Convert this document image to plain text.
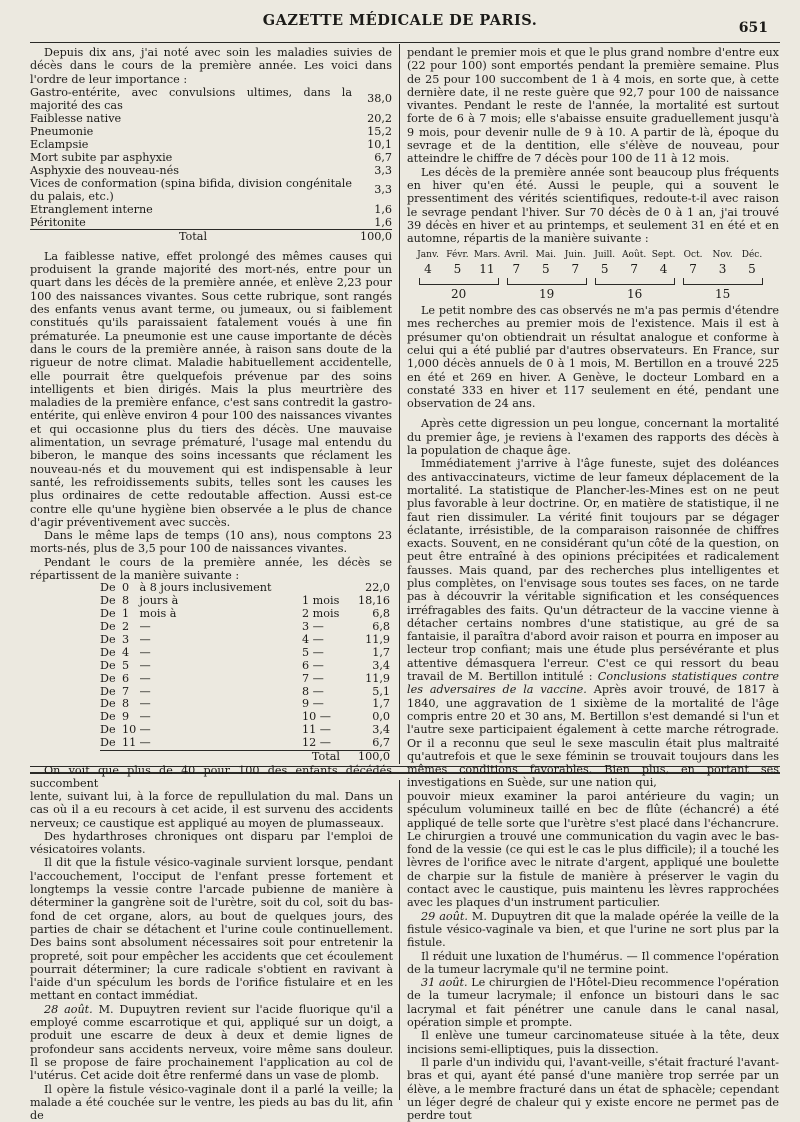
GAZETTE MÉDICALE DE PARIS.	651

Depuis dix ans, j'ai noté avec soin les maladies suivies de décès dans le cours de la première année. Les voici dans l'ordre de leur importance :

Gastro-entérite, avec convulsions ultimes, dans la majorité des cas	38,0
Faiblesse native	20,2
Pneumonie	15,2
Eclampsie	10,1
Mort subite par asphyxie	6,7
Asphyxie des nouveau-nés	3,3
Vices de conformation (spina bifida, division congénitale du palais, etc.)	3,3
Etranglement interne	1,6
Péritonite	1,6
Total	100,0

La faiblesse native, effet prolongé des mêmes causes qui produisent la grande majorité des mort-nés, entre pour un quart dans les décès de la première année, et enlève 2,23 pour 100 des naissances vivantes. Sous cette rubrique, sont rangés des enfants venus avant terme, ou jumeaux, ou si faiblement constitués qu'ils paraissaient fatalement voués à une fin prématurée. La pneumonie est une cause importante de décès dans le cours de la première année, à raison sans doute de la rigueur de notre climat. Maladie habituellement accidentelle, elle pourrait être quelquefois prévenue par des soins intelligents et bien dirigés. Mais la plus meurtrière des maladies de la première enfance, c'est sans contredit la gastro-entérite, qui enlève environ 4 pour 100 des naissances vivantes et qui occasionne plus du tiers des décès. Une mauvaise alimentation, un sevrage prématuré, l'usage mal entendu du biberon, le manque des soins incessants que réclament les nouveau-nés et du mouvement qui est indispensable à leur santé, les refroidissements subits, telles sont les causes les plus ordinaires de cette redoutable affection. Aussi est-ce contre elle qu'une hygiène bien observée a le plus de chance d'agir préventivement avec succès.

Dans le même laps de temps (10 ans), nous comptons 23 morts-nés, plus de 3,5 pour 100 de naissances vivantes.

Pendant le cours de la première année, les décès se répartissent de la manière suivante :

De	0	à 8 jours inclusivement		22,0
De	8	jours à	1 mois	18,16
De	1	mois à	2 mois	6,8
De	2	—	3 —	6,8
De	3	—	4 —	11,9
De	4	—	5 —	1,7
De	5	—	6 —	3,4
De	6	—	7 —	11,9
De	7	—	8 —	5,1
De	8	—	9 —	1,7
De	9	—	10 —	0,0
De	10	—	11 —	3,4
De	11	—	12 —	6,7
Total				100,0

On voit que plus de 40 pour 100 des enfants décédés succombent

pendant le premier mois et que le plus grand nombre d'entre eux (22 pour 100) sont emportés pendant la première semaine. Plus de 25 pour 100 succombent de 1 à 4 mois, en sorte que, à cette dernière date, il ne reste guère que 92,7 pour 100 de naissance vivantes. Pendant le reste de l'année, la mortalité est surtout forte de 6 à 7 mois; elle s'abaisse ensuite graduellement jusqu'à 9 mois, pour devenir nulle de 9 à 10. A partir de là, époque du sevrage et de la dentition, elle s'élève de nouveau, pour atteindre le chiffre de 7 décès pour 100 de 11 à 12 mois.

Les décès de la première année sont beaucoup plus fréquents en hiver qu'en été. Aussi le peuple, qui a souvent le pressentiment des vérités scientifiques, redoute-t-il avec raison le sevrage pendant l'hiver. Sur 70 décès de 0 à 1 an, j'ai trouvé 39 décès en hiver et au printemps, et seulement 31 en été et en automne, répartis de la manière suivante :

Janv. Févr. Mars. Avril. Mai. Juin. Juill. Août. Sept. Oct.	Nov.	Déc.
4	5	11	7	5	7	5	7	4	7	3	5
20	19	16	15

Le petit nombre des cas observés ne m'a pas permis d'étendre mes recherches au premier mois de l'existence. Mais il est à présumer qu'on obtiendrait un résultat analogue et conforme à celui qui a été publié par d'autres observateurs. En France, sur 1,000 décès annuels de 0 à 1 mois, M. Bertillon en a trouvé 225 en été et 269 en hiver. A Genève, le docteur Lombard en a constaté 333 en hiver et 117 seulement en été, pendant une observation de 24 ans.

Après cette digression un peu longue, concernant la mortalité du premier âge, je reviens à l'examen des rapports des décès à la population de chaque âge.

Immédiatement j'arrive à l'âge funeste, sujet des doléances des antivaccinateurs, victime de leur fameux déplacement de la mortalité. La statistique de Plancher-les-Mines est on ne peut plus favorable à leur doctrine. Or, en matière de statistique, il ne faut rien dissimuler. La vérité finit toujours par se dégager éclatante, irrésistible, de la comparaison raisonnée de chiffres exacts. Souvent, en ne considérant qu'un côté de la question, on peut être entraîné à des opinions précipitées et radicalement fausses. Mais quand, par des recherches plus intelligentes et plus complètes, on l'envisage sous toutes ses faces, on ne tarde pas à découvrir la véritable signification et les conséquences irréfragables des faits. Qu'un détracteur de la vaccine vienne à détacher certains nombres d'une statistique, au gré de sa fantaisie, il paraîtra d'abord avoir raison et pourra en imposer au lecteur trop confiant; mais une étude plus persévérante et plus attentive démasquera l'erreur. C'est ce qui ressort du beau travail de M. Bertillon intitulé : Conclusions statistiques contre les adversaires de la vaccine. Après avoir trouvé, de 1817 à 1840, une aggravation de 1 sixième de la mortalité de l'âge compris entre 20 et 30 ans, M. Bertillon s'est demandé si l'un et l'autre sexe participaient également à cette marche rétrograde. Or il a reconnu que seul le sexe masculin était plus maltraité qu'autrefois et que le sexe féminin se trouvait toujours dans les mêmes conditions favorables. Bien plus, en portant ses investigations en Suède, sur une nation qui,

lente, suivant lui, à la force de repullulation du mal. Dans un cas où il a eu recours à cet acide, il est survenu des accidents nerveux; ce caustique est appliqué au moyen de plumasseaux.

Des hydarthroses chroniques ont disparu par l'emploi de vésicatoires volants.

Il dit que la fistule vésico-vaginale survient lorsque, pendant l'accouchement, l'occiput de l'enfant presse fortement et longtemps la vessie contre l'arcade pubienne de manière à déterminer la gangrène soit de l'urètre, soit du col, soit du bas-fond de cet organe, alors, au bout de quelques jours, des parties de chair se détachent et l'urine coule continuellement. Des bains sont absolument nécessaires soit pour entretenir la propreté, soit pour empêcher les accidents que cet écoulement pourrait déterminer; la cure radicale s'obtient en ravivant à l'aide d'un spéculum les bords de l'orifice fistulaire et en les mettant en contact immédiat.

28 août. M. Dupuytren revient sur l'acide fluorique qu'il a employé comme escarrotique et qui, appliqué sur un doigt, a produit une escarre de deux à deux et demie lignes de profondeur sans accidents nerveux, voire même sans douleur. Il se propose de faire prochainement l'application au col de l'utérus. Cet acide doit être renfermé dans un vase de plomb.

Il opère la fistule vésico-vaginale dont il a parlé la veille; la malade a été couchée sur le ventre, les pieds au bas du lit, afin de

pouvoir mieux examiner la paroi antérieure du vagin; un spéculum volumineux taillé en bec de flûte (échancré) a été appliqué de telle sorte que l'urètre s'est placé dans l'échancrure. Le chirurgien a trouvé une communication du vagin avec le bas-fond de la vessie (ce qui est le cas le plus difficile); il a touché les lèvres de l'orifice avec le nitrate d'argent, appliqué une boulette de charpie sur la fistule de manière à préserver le vagin du contact avec le caustique, puis maintenu les lèvres rapprochées avec les plaques d'un instrument particulier.

29 août. M. Dupuytren dit que la malade opérée la veille de la fistule vésico-vaginale va bien, et que l'urine ne sort plus par la fistule.

Il réduit une luxation de l'humérus. — Il commence l'opération de la tumeur lacrymale qu'il ne termine point.

31 août. Le chirurgien de l'Hôtel-Dieu recommence l'opération de la tumeur lacrymale; il enfonce un bistouri dans le sac lacrymal et fait pénétrer une canule dans le canal nasal, opération simple et prompte.

Il enlève une tumeur carcinomateuse située à la tête, deux incisions semi-elliptiques, puis la dissection.

Il parle d'un individu qui, l'avant-veille, s'était fracturé l'avant-bras et qui, ayant été pansé d'une manière trop serrée par un élève, a le membre fracturé dans un état de sphacèle; cependant un léger degré de chaleur qui y existe encore ne permet pas de perdre tout
